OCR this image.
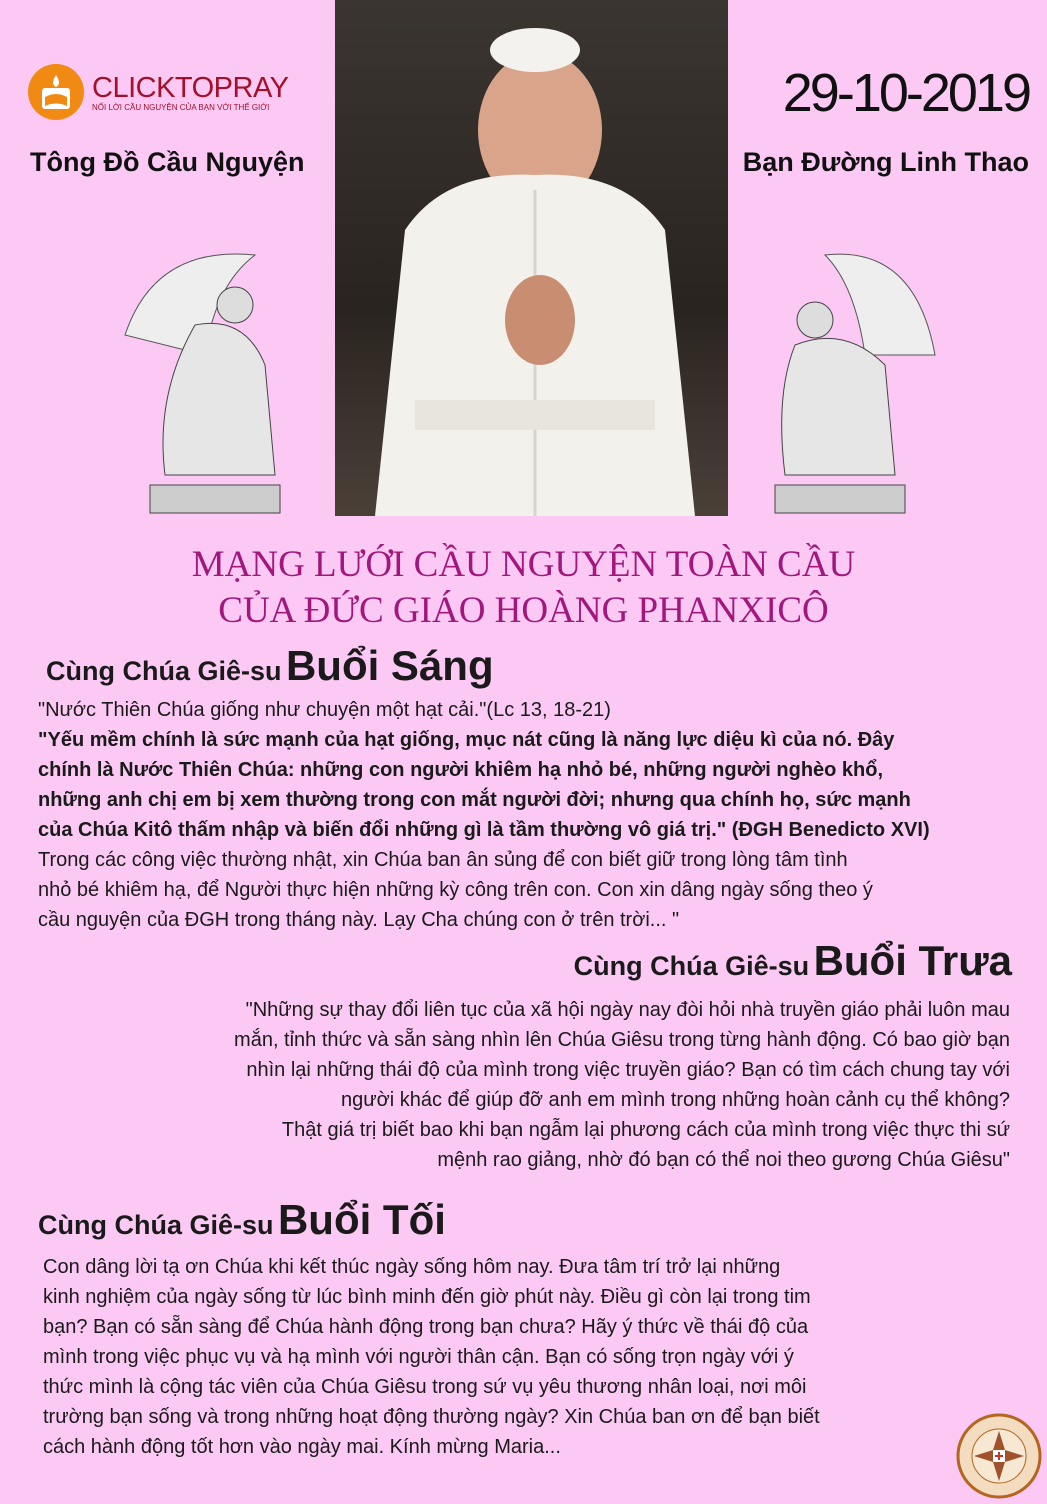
CLICKTOPRAY
NỐI LỜI CẦU NGUYỆN CỦA BẠN VỚI THẾ GIỚI
Tông Đồ Cầu Nguyện
29-10-2019
Bạn Đường Linh Thao
MẠNG LƯỚI CẦU NGUYỆN TOÀN CẦU
CỦA ĐỨC GIÁO HOÀNG PHANXICÔ
Cùng Chúa Giê-su Buổi Sáng
"Nước Thiên Chúa giống như chuyện một hạt cải."(Lc 13, 18-21)
"Yếu mềm chính là sức mạnh của hạt giống, mục nát cũng là năng lực diệu kì của nó. Đây
chính là Nước Thiên Chúa: những con người khiêm hạ nhỏ bé, những người nghèo khổ,
những anh chị em bị xem thường trong con mắt người đời; nhưng qua chính họ, sức mạnh
của Chúa Kitô thấm nhập và biến đổi những gì là tầm thường vô giá trị." (ĐGH Benedicto XVI)
Trong các công việc thường nhật, xin Chúa ban ân sủng để con biết giữ trong lòng tâm tình
nhỏ bé khiêm hạ, để Người thực hiện những kỳ công trên con. Con xin dâng ngày sống theo ý
cầu nguyện của ĐGH trong tháng này. Lạy Cha chúng con ở trên trời... "
Cùng Chúa Giê-su Buổi Trưa
"Những sự thay đổi liên tục của xã hội ngày nay đòi hỏi nhà truyền giáo phải luôn mau
mắn, tỉnh thức và sẵn sàng nhìn lên Chúa Giêsu trong từng hành động. Có bao giờ bạn
nhìn lại những thái độ của mình trong việc truyền giáo? Bạn có tìm cách chung tay với
người khác để giúp đỡ anh em mình trong những hoàn cảnh cụ thể không?
Thật giá trị biết bao khi bạn ngẫm lại phương cách của mình trong việc thực thi sứ
mệnh rao giảng, nhờ đó bạn có thể noi theo gương Chúa Giêsu"
Cùng Chúa Giê-su Buổi Tối
Con dâng lời tạ ơn Chúa khi kết thúc ngày sống hôm nay. Đưa tâm trí trở lại những
kinh nghiệm của ngày sống từ lúc bình minh đến giờ phút này. Điều gì còn lại trong tim
bạn? Bạn có sẵn sàng để Chúa hành động trong bạn chưa? Hãy ý thức về thái độ của
mình trong việc phục vụ và hạ mình với người thân cận. Bạn có sống trọn ngày với ý
thức mình là cộng tác viên của Chúa Giêsu trong sứ vụ yêu thương nhân loại, nơi môi
trường bạn sống và trong những hoạt động thường ngày? Xin Chúa ban ơn để bạn biết
cách hành động tốt hơn vào ngày mai. Kính mừng Maria...
